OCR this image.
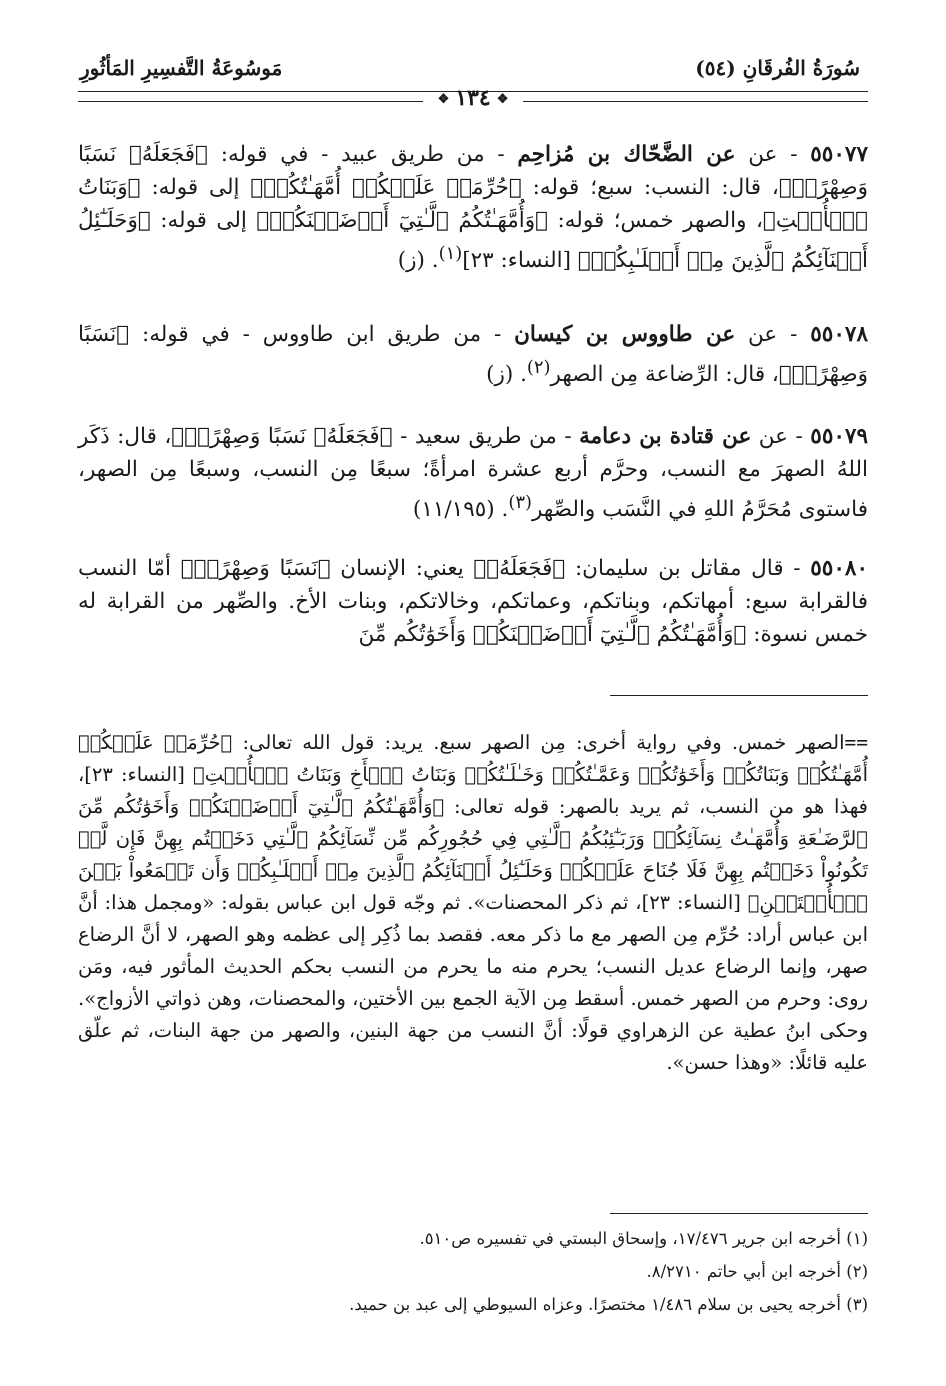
سُورَةُ الفُرقَانِ (٥٤)
مَوسُوعَةُ التَّفسِيرِ المَأثُورِ
❖١٣٤❖

٥٥٠٧٧ - عن عن الضَّحّاك بن مُزاحِم - من طريق عبيد - في قوله: ﴿فَجَعَلَهُۥ نَسَبًا وَصِهْرًاۗ﴾، قال: النسب: سبع؛ قوله: ﴿حُرِّمَتۡ عَلَيۡكُمۡ أُمَّهَـٰتُكُمۡ﴾ إلى قوله: ﴿وَبَنَاتُ ٱلۡأُخۡتِ﴾، والصهر خمس؛ قوله: ﴿وَأُمَّهَـٰتُكُمُ ٱلَّـٰتِيٓ أَرۡضَعۡنَكُمۡ﴾ إلى قوله: ﴿وَحَلَـٰٓئِلُ أَبۡنَآئِكُمُ ٱلَّذِينَ مِنۡ أَصۡلَـٰبِكُمۡ﴾ [النساء: ٢٣]$^{(١)}$. (ز)

٥٥٠٧٨ - عن عن طاووس بن كيسان - من طريق ابن طاووس - في قوله: ﴿نَسَبًا وَصِهْرًاۗ﴾، قال: الرِّضاعة مِن الصهر$^{(٢)}$. (ز)

٥٥٠٧٩ - عن عن قتادة بن دعامة - من طريق سعيد - ﴿فَجَعَلَهُۥ نَسَبًا وَصِهْرًاۗ﴾، قال: ذَكَر اللهُ الصهرَ مع النسب، وحرَّم أربع عشرة امرأةً؛ سبعًا مِن النسب، وسبعًا مِن الصهر، فاستوى مُحَرَّمُ اللهِ في النَّسَب والصِّهر$^{(٣)}$. (١١/١٩٥)

٥٥٠٨٠ - قال مقاتل بن سليمان: ﴿فَجَعَلَهُۥ﴾ يعني: الإنسان ﴿نَسَبًا وَصِهْرًاۗ﴾ أمّا النسب فالقرابة سبع: أمهاتكم، وبناتكم، وعماتكم، وخالاتكم، وبنات الأخ. والصِّهر من القرابة له خمس نسوة: ﴿وَأُمَّهَـٰتُكُمُ ٱلَّـٰتِيٓ أَرۡضَعۡنَكُمۡ وَأَخَوَٰتُكُم مِّنَ

==الصهر خمس. وفي رواية أخرى: مِن الصهر سبع. يريد: قول الله تعالى: ﴿حُرِّمَتۡ عَلَيۡكُمۡ أُمَّهَـٰتُكُمۡ وَبَنَاتُكُمۡ وَأَخَوَٰتُكُمۡ وَعَمَّـٰتُكُمۡ وَخَـٰلَـٰتُكُمۡ وَبَنَاتُ ٱلۡأَخِ وَبَنَاتُ ٱلۡأُخۡتِ﴾ [النساء: ٢٣]، فهذا هو من النسب، ثم يريد بالصهر: قوله تعالى: ﴿وَأُمَّهَـٰتُكُمُ ٱلَّـٰتِيٓ أَرۡضَعۡنَكُمۡ وَأَخَوَٰتُكُم مِّنَ ٱلرَّضَـٰعَةِ وَأُمَّهَـٰتُ نِسَآئِكُمۡ وَرَبَـٰٓئِبُكُمُ ٱلَّـٰتِي فِي حُجُورِكُم مِّن نِّسَآئِكُمُ ٱلَّـٰتِي دَخَلۡتُم بِهِنَّ فَإِن لَّمۡ تَكُونُواْ دَخَلۡتُم بِهِنَّ فَلَا جُنَاحَ عَلَيۡكُمۡ وَحَلَـٰٓئِلُ أَبۡنَآئِكُمُ ٱلَّذِينَ مِنۡ أَصۡلَـٰبِكُمۡ وَأَن تَجۡمَعُواْ بَيۡنَ ٱلۡأُخۡتَيۡنِ﴾ [النساء: ٢٣]، ثم ذكر المحصنات». ثم وجّه قول ابن عباس بقوله: «ومجمل هذا: أنَّ ابن عباس أراد: حُرِّم مِن الصهر مع ما ذكر معه. فقصد بما ذُكِر إلى عظمه وهو الصهر، لا أنَّ الرضاع صهر، وإنما الرضاع عديل النسب؛ يحرم منه ما يحرم من النسب بحكم الحديث المأثور فيه، ومَن روى: وحرم من الصهر خمس. أسقط مِن الآية الجمع بين الأختين، والمحصنات، وهن ذواتي الأزواج». وحكى ابنُ عطية عن الزهراوي قولًا: أنَّ النسب من جهة البنين، والصهر من جهة البنات، ثم علّق عليه قائلًا: «وهذا حسن».

(١) أخرجه ابن جرير ١٧/٤٧٦، وإسحاق البستي في تفسيره ص٥١٠.

(٢) أخرجه ابن أبي حاتم ٨/٢٧١٠.

(٣) أخرجه يحيى بن سلام ١/٤٨٦ مختصرًا. وعزاه السيوطي إلى عبد بن حميد.
